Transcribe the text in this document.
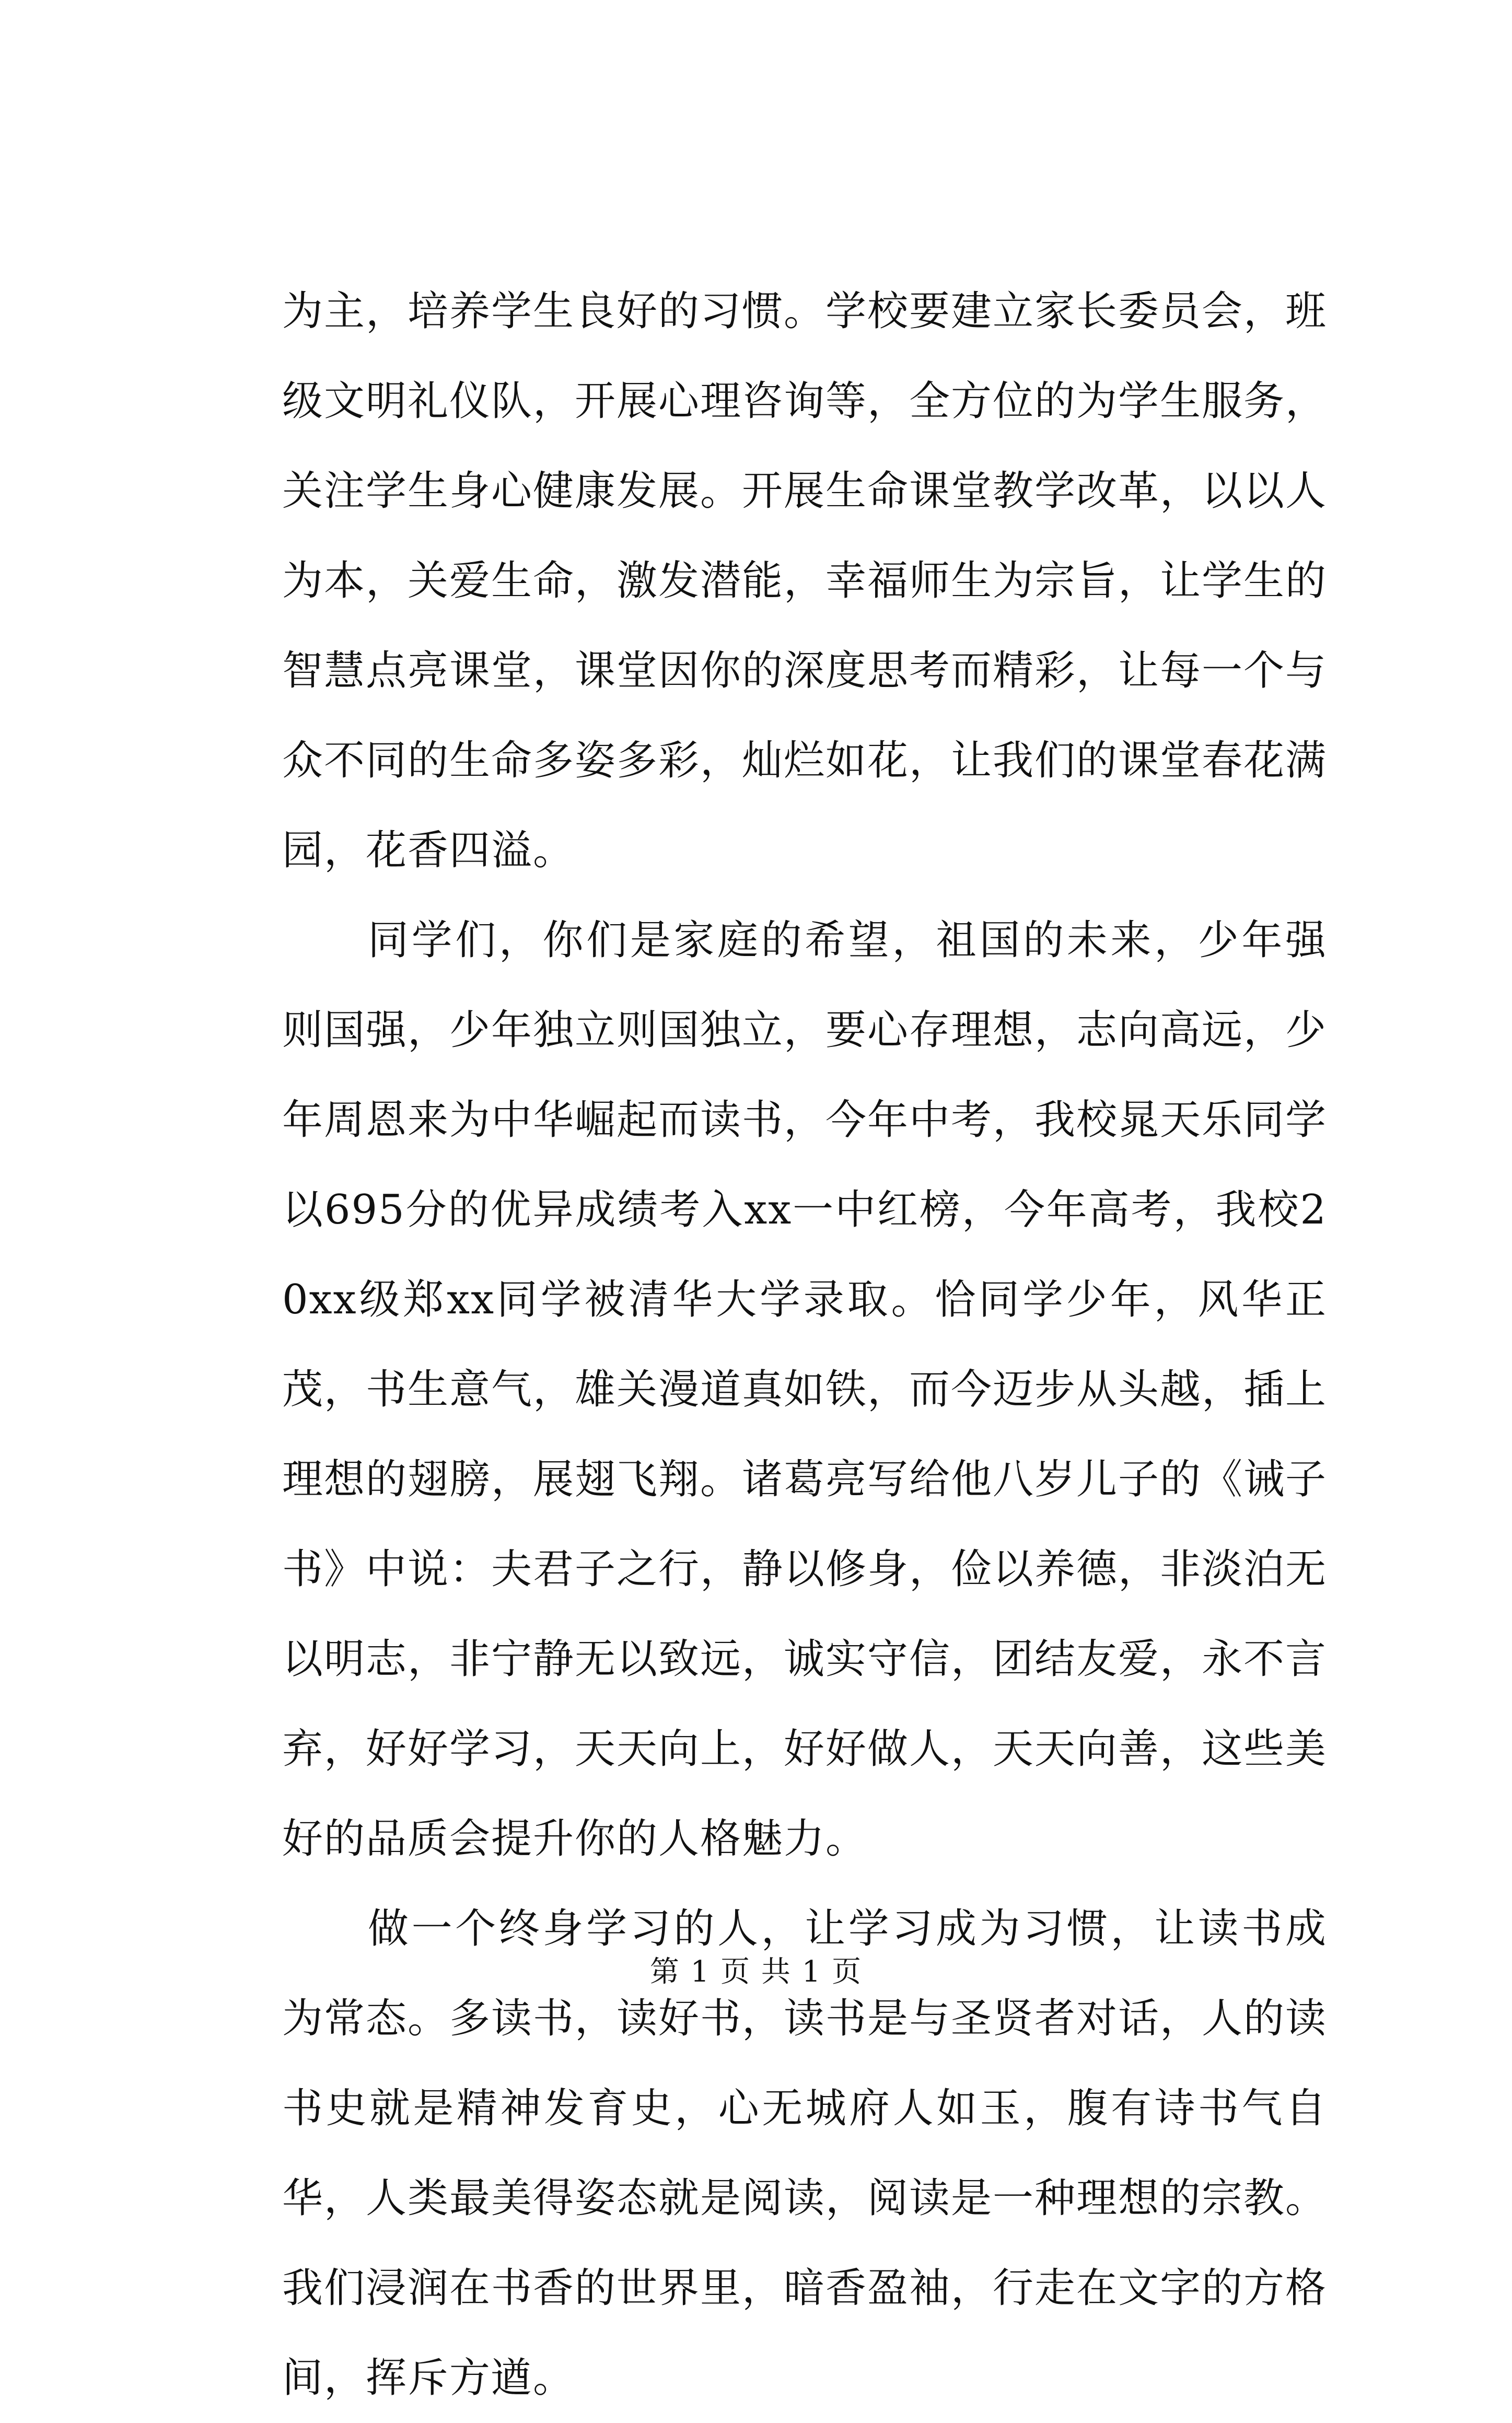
为主，培养学生良好的习惯。学校要建立家长委员会，班级文明礼仪队，开展心理咨询等，全方位的为学生服务，关注学生身心健康发展。开展生命课堂教学改革，以以人为本，关爱生命，激发潜能，幸福师生为宗旨，让学生的智慧点亮课堂，课堂因你的深度思考而精彩，让每一个与众不同的生命多姿多彩，灿烂如花，让我们的课堂春花满园，花香四溢。

同学们，你们是家庭的希望，祖国的未来，少年强则国强，少年独立则国独立，要心存理想，志向高远，少年周恩来为中华崛起而读书，今年中考，我校晁天乐同学以695分的优异成绩考入xx一中红榜，今年高考，我校20xx级郑xx同学被清华大学录取。恰同学少年，风华正茂，书生意气，雄关漫道真如铁，而今迈步从头越，插上理想的翅膀，展翅飞翔。诸葛亮写给他八岁儿子的《诫子书》中说：夫君子之行，静以修身，俭以养德，非淡泊无以明志，非宁静无以致远，诚实守信，团结友爱，永不言弃，好好学习，天天向上，好好做人，天天向善，这些美好的品质会提升你的人格魅力。

做一个终身学习的人，让学习成为习惯，让读书成为常态。多读书，读好书，读书是与圣贤者对话，人的读书史就是精神发育史，心无城府人如玉，腹有诗书气自华，人类最美得姿态就是阅读，阅读是一种理想的宗教。我们浸润在书香的世界里，暗香盈袖，行走在文字的方格间，挥斥方遒。

第 1 页 共 1 页
